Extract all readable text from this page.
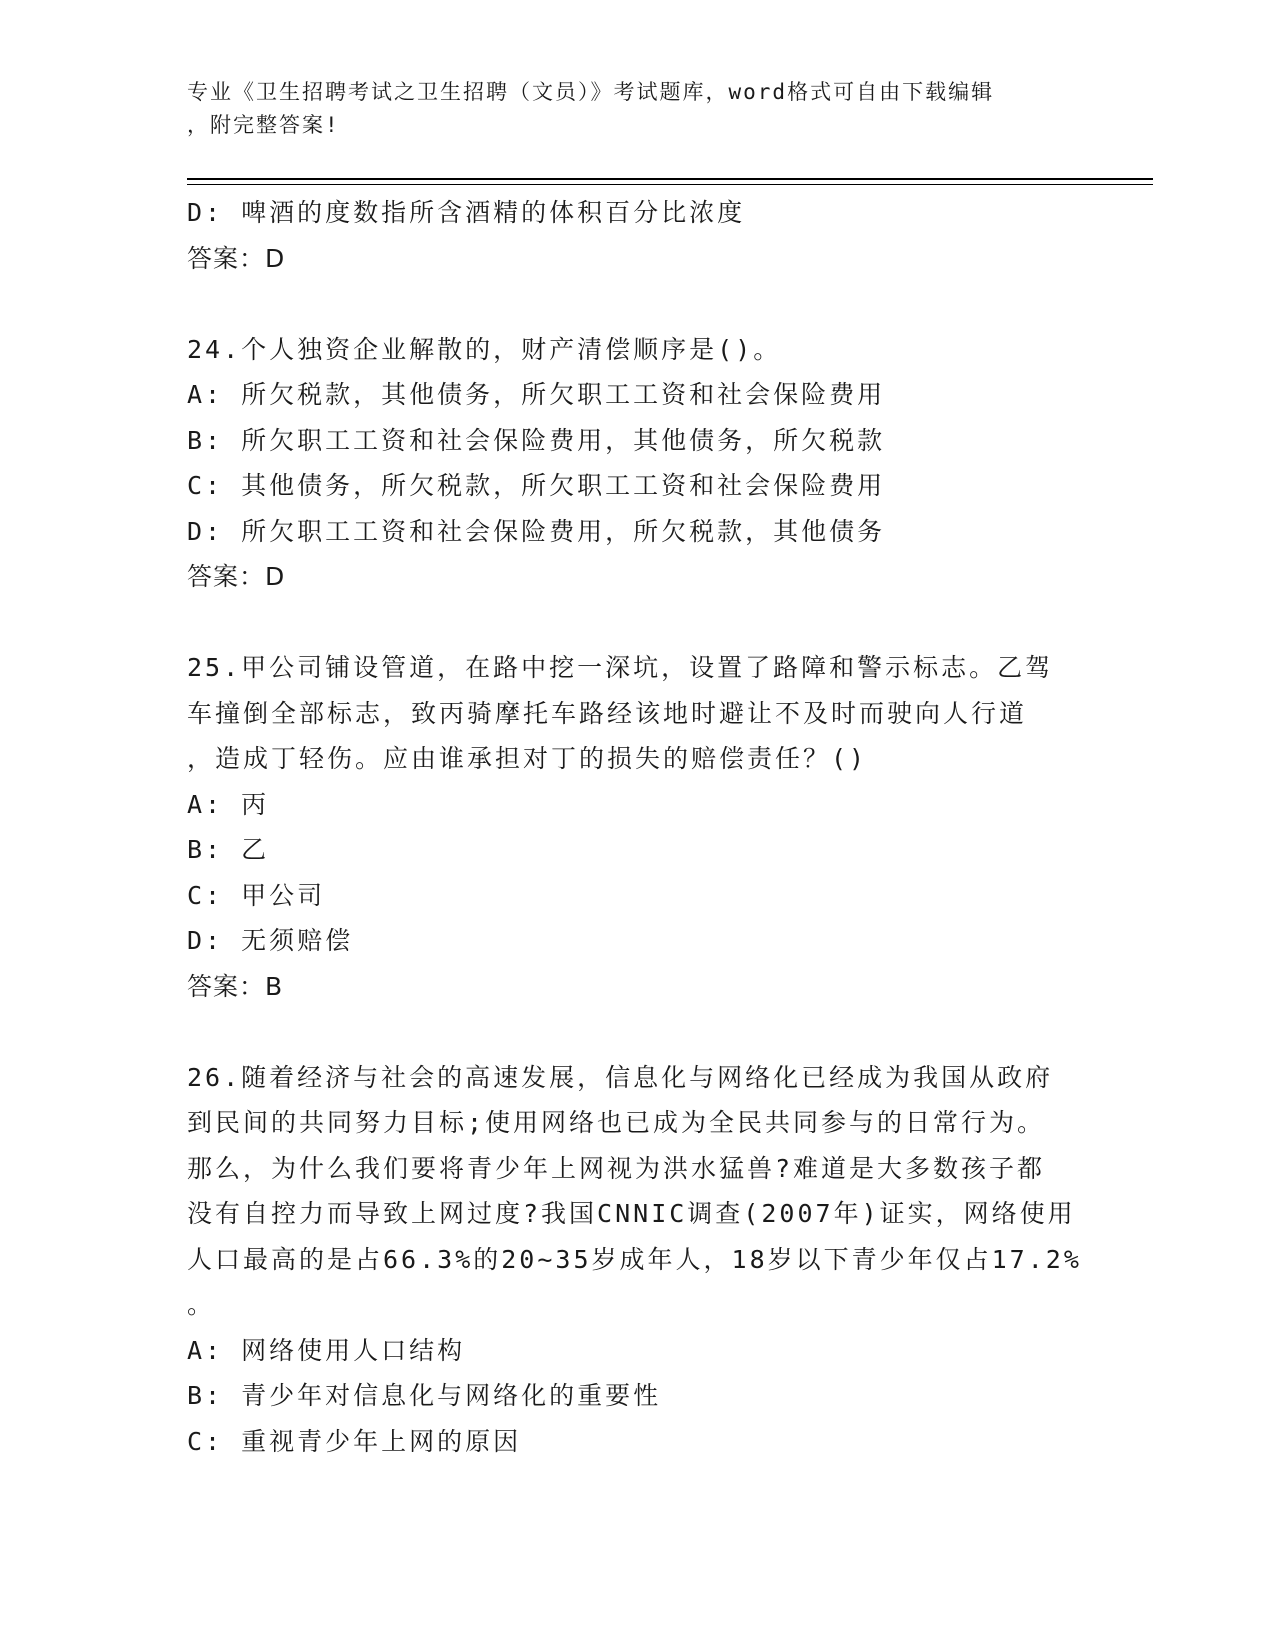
专业《卫生招聘考试之卫生招聘（文员）》考试题库，word格式可自由下载编辑
，附完整答案!
D: 啤酒的度数指所含酒精的体积百分比浓度
答案：D
24.个人独资企业解散的，财产清偿顺序是()。
A: 所欠税款，其他债务，所欠职工工资和社会保险费用
B: 所欠职工工资和社会保险费用，其他债务，所欠税款
C: 其他债务，所欠税款，所欠职工工资和社会保险费用
D: 所欠职工工资和社会保险费用，所欠税款，其他债务
答案：D
25.甲公司铺设管道，在路中挖一深坑，设置了路障和警示标志。乙驾
车撞倒全部标志，致丙骑摩托车路经该地时避让不及时而驶向人行道
，造成丁轻伤。应由谁承担对丁的损失的赔偿责任？()
A: 丙
B: 乙
C: 甲公司
D: 无须赔偿
答案：B
26.随着经济与社会的高速发展，信息化与网络化已经成为我国从政府
到民间的共同努力目标;使用网络也已成为全民共同参与的日常行为。
那么，为什么我们要将青少年上网视为洪水猛兽?难道是大多数孩子都
没有自控力而导致上网过度?我国CNNIC调查(2007年)证实，网络使用
人口最高的是占66.3%的20~35岁成年人，18岁以下青少年仅占17.2%
。
A: 网络使用人口结构
B: 青少年对信息化与网络化的重要性
C: 重视青少年上网的原因
